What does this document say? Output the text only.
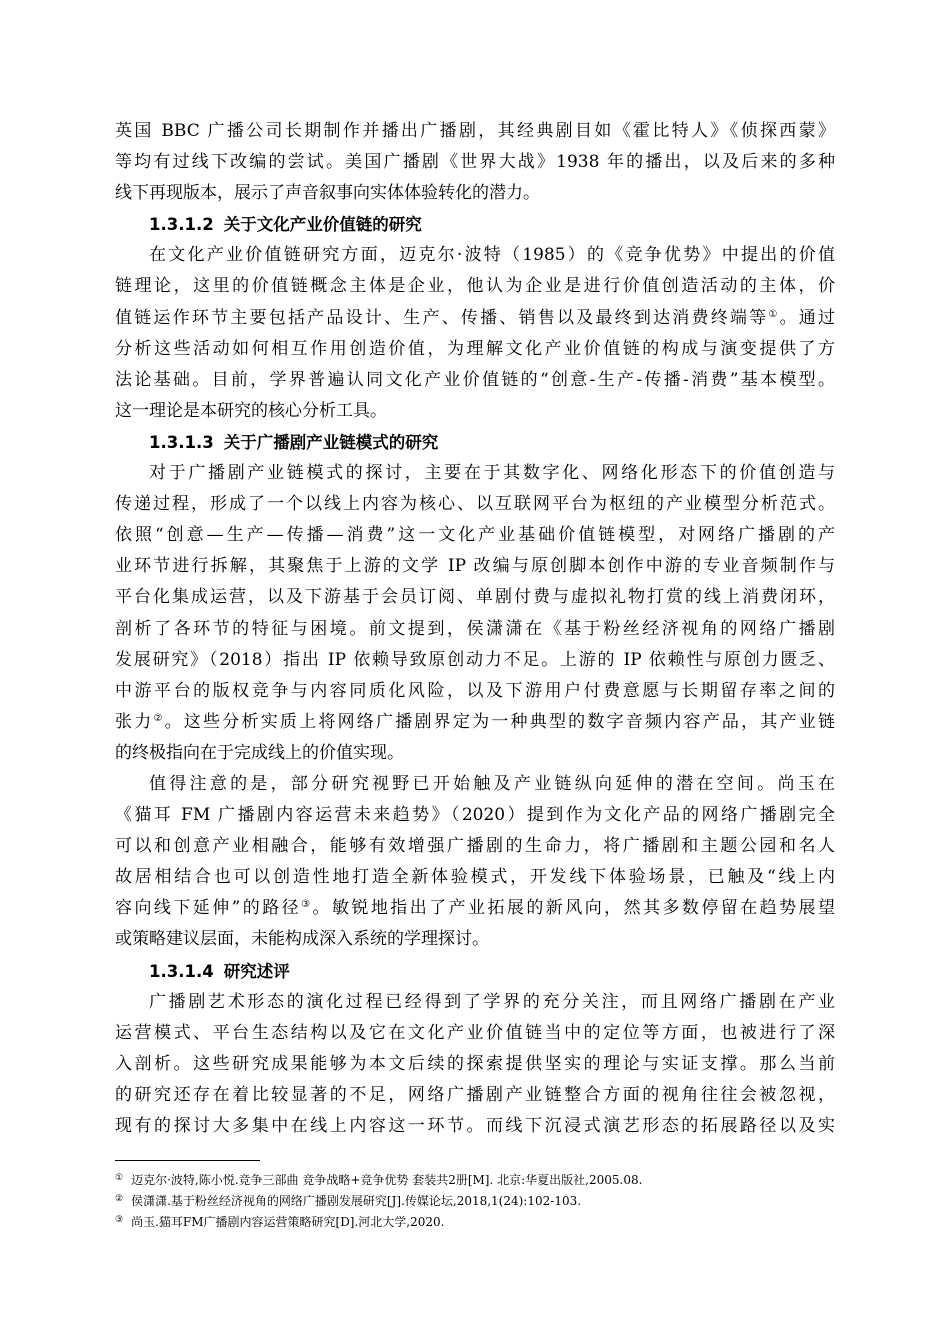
英国 BBC 广播公司长期制作并播出广播剧，其经典剧目如《霍比特人》《侦探西蒙》
等均有过线下改编的尝试。美国广播剧《世界大战》1938 年的播出，以及后来的多种
线下再现版本，展示了声音叙事向实体体验转化的潜力。
1.3.1.2 关于文化产业价值链的研究
在文化产业价值链研究方面，迈克尔·波特（1985）的《竞争优势》中提出的价值
链理论，这里的价值链概念主体是企业，他认为企业是进行价值创造活动的主体，价
值链运作环节主要包括产品设计、生产、传播、销售以及最终到达消费终端等①。通过
分析这些活动如何相互作用创造价值，为理解文化产业价值链的构成与演变提供了方
法论基础。目前，学界普遍认同文化产业价值链的“创意-生产-传播-消费”基本模型。
这一理论是本研究的核心分析工具。
1.3.1.3 关于广播剧产业链模式的研究
对于广播剧产业链模式的探讨，主要在于其数字化、网络化形态下的价值创造与
传递过程，形成了一个以线上内容为核心、以互联网平台为枢纽的产业模型分析范式。
依照“创意—生产—传播—消费”这一文化产业基础价值链模型，对网络广播剧的产
业环节进行拆解，其聚焦于上游的文学 IP 改编与原创脚本创作中游的专业音频制作与
平台化集成运营，以及下游基于会员订阅、单剧付费与虚拟礼物打赏的线上消费闭环，
剖析了各环节的特征与困境。前文提到，侯潇潇在《基于粉丝经济视角的网络广播剧
发展研究》（2018）指出 IP 依赖导致原创动力不足。上游的 IP 依赖性与原创力匮乏、
中游平台的版权竞争与内容同质化风险，以及下游用户付费意愿与长期留存率之间的
张力②。这些分析实质上将网络广播剧界定为一种典型的数字音频内容产品，其产业链
的终极指向在于完成线上的价值实现。
值得注意的是，部分研究视野已开始触及产业链纵向延伸的潜在空间。尚玉在
《猫耳 FM 广播剧内容运营未来趋势》（2020）提到作为文化产品的网络广播剧完全
可以和创意产业相融合，能够有效增强广播剧的生命力，将广播剧和主题公园和名人
故居相结合也可以创造性地打造全新体验模式，开发线下体验场景，已触及“线上内
容向线下延伸”的路径③。敏锐地指出了产业拓展的新风向，然其多数停留在趋势展望
或策略建议层面，未能构成深入系统的学理探讨。
1.3.1.4 研究述评
广播剧艺术形态的演化过程已经得到了学界的充分关注，而且网络广播剧在产业
运营模式、平台生态结构以及它在文化产业价值链当中的定位等方面，也被进行了深
入剖析。这些研究成果能够为本文后续的探索提供坚实的理论与实证支撑。那么当前
的研究还存在着比较显著的不足，网络广播剧产业链整合方面的视角往往会被忽视，
现有的探讨大多集中在线上内容这一环节。而线下沉浸式演艺形态的拓展路径以及实
① 迈克尔·波特,陈小悦.竞争三部曲 竞争战略+竞争优势 套装共2册[M]. 北京:华夏出版社,2005.08.
② 侯潇潇.基于粉丝经济视角的网络广播剧发展研究[J].传媒论坛,2018,1(24):102-103.
③ 尚玉.猫耳FM广播剧内容运营策略研究[D].河北大学,2020.
